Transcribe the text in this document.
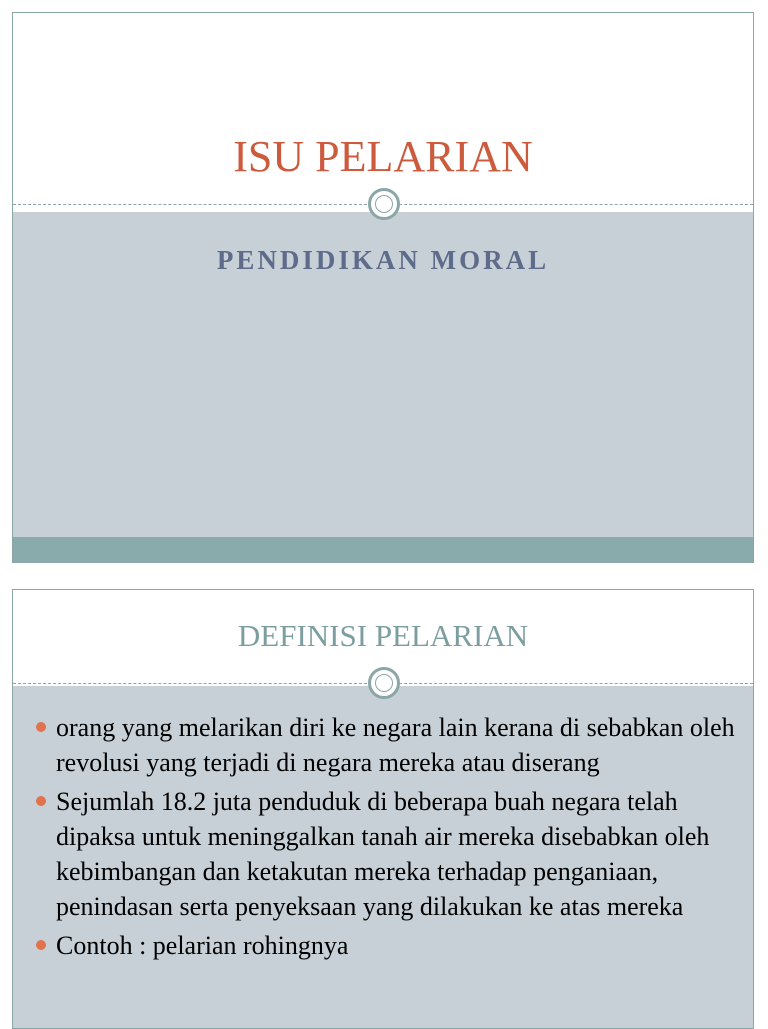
ISU PELARIAN
PENDIDIKAN MORAL
DEFINISI PELARIAN
orang yang melarikan diri ke negara lain kerana di sebabkan oleh revolusi yang terjadi di negara mereka atau diserang
Sejumlah 18.2 juta penduduk di beberapa buah negara telah dipaksa untuk meninggalkan tanah air mereka disebabkan oleh kebimbangan dan ketakutan mereka terhadap penganiaan, penindasan serta penyeksaan yang dilakukan ke atas mereka
Contoh : pelarian rohingnya
